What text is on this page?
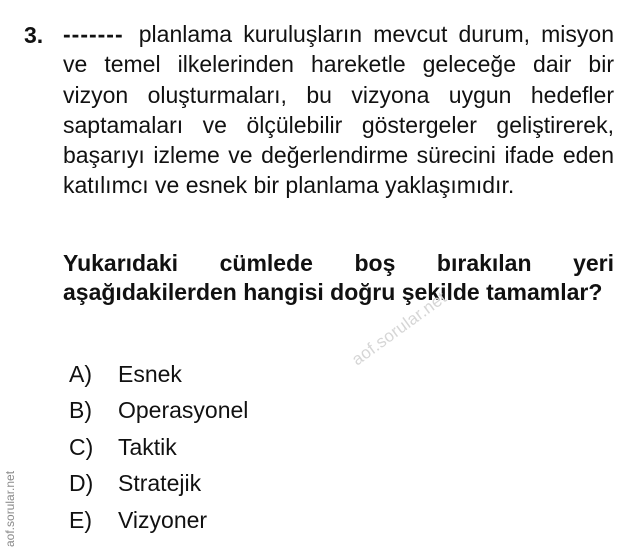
3. ------- planlama kuruluşların mevcut durum, misyon ve temel ilkelerinden hareketle geleceğe dair bir vizyon oluşturmaları, bu vizyona uygun hedefler saptamaları ve ölçülebilir göstergeler geliştirerek, başarıyı izleme ve değerlendirme sürecini ifade eden katılımcı ve esnek bir planlama yaklaşımıdır.

Yukarıdaki cümlede boş bırakılan yeri aşağıdakilerden hangisi doğru şekilde tamamlar?

A) Esnek
B) Operasyonel
C) Taktik
D) Stratejik
E) Vizyoner
aof.sorular.net
aof.sorular.net
